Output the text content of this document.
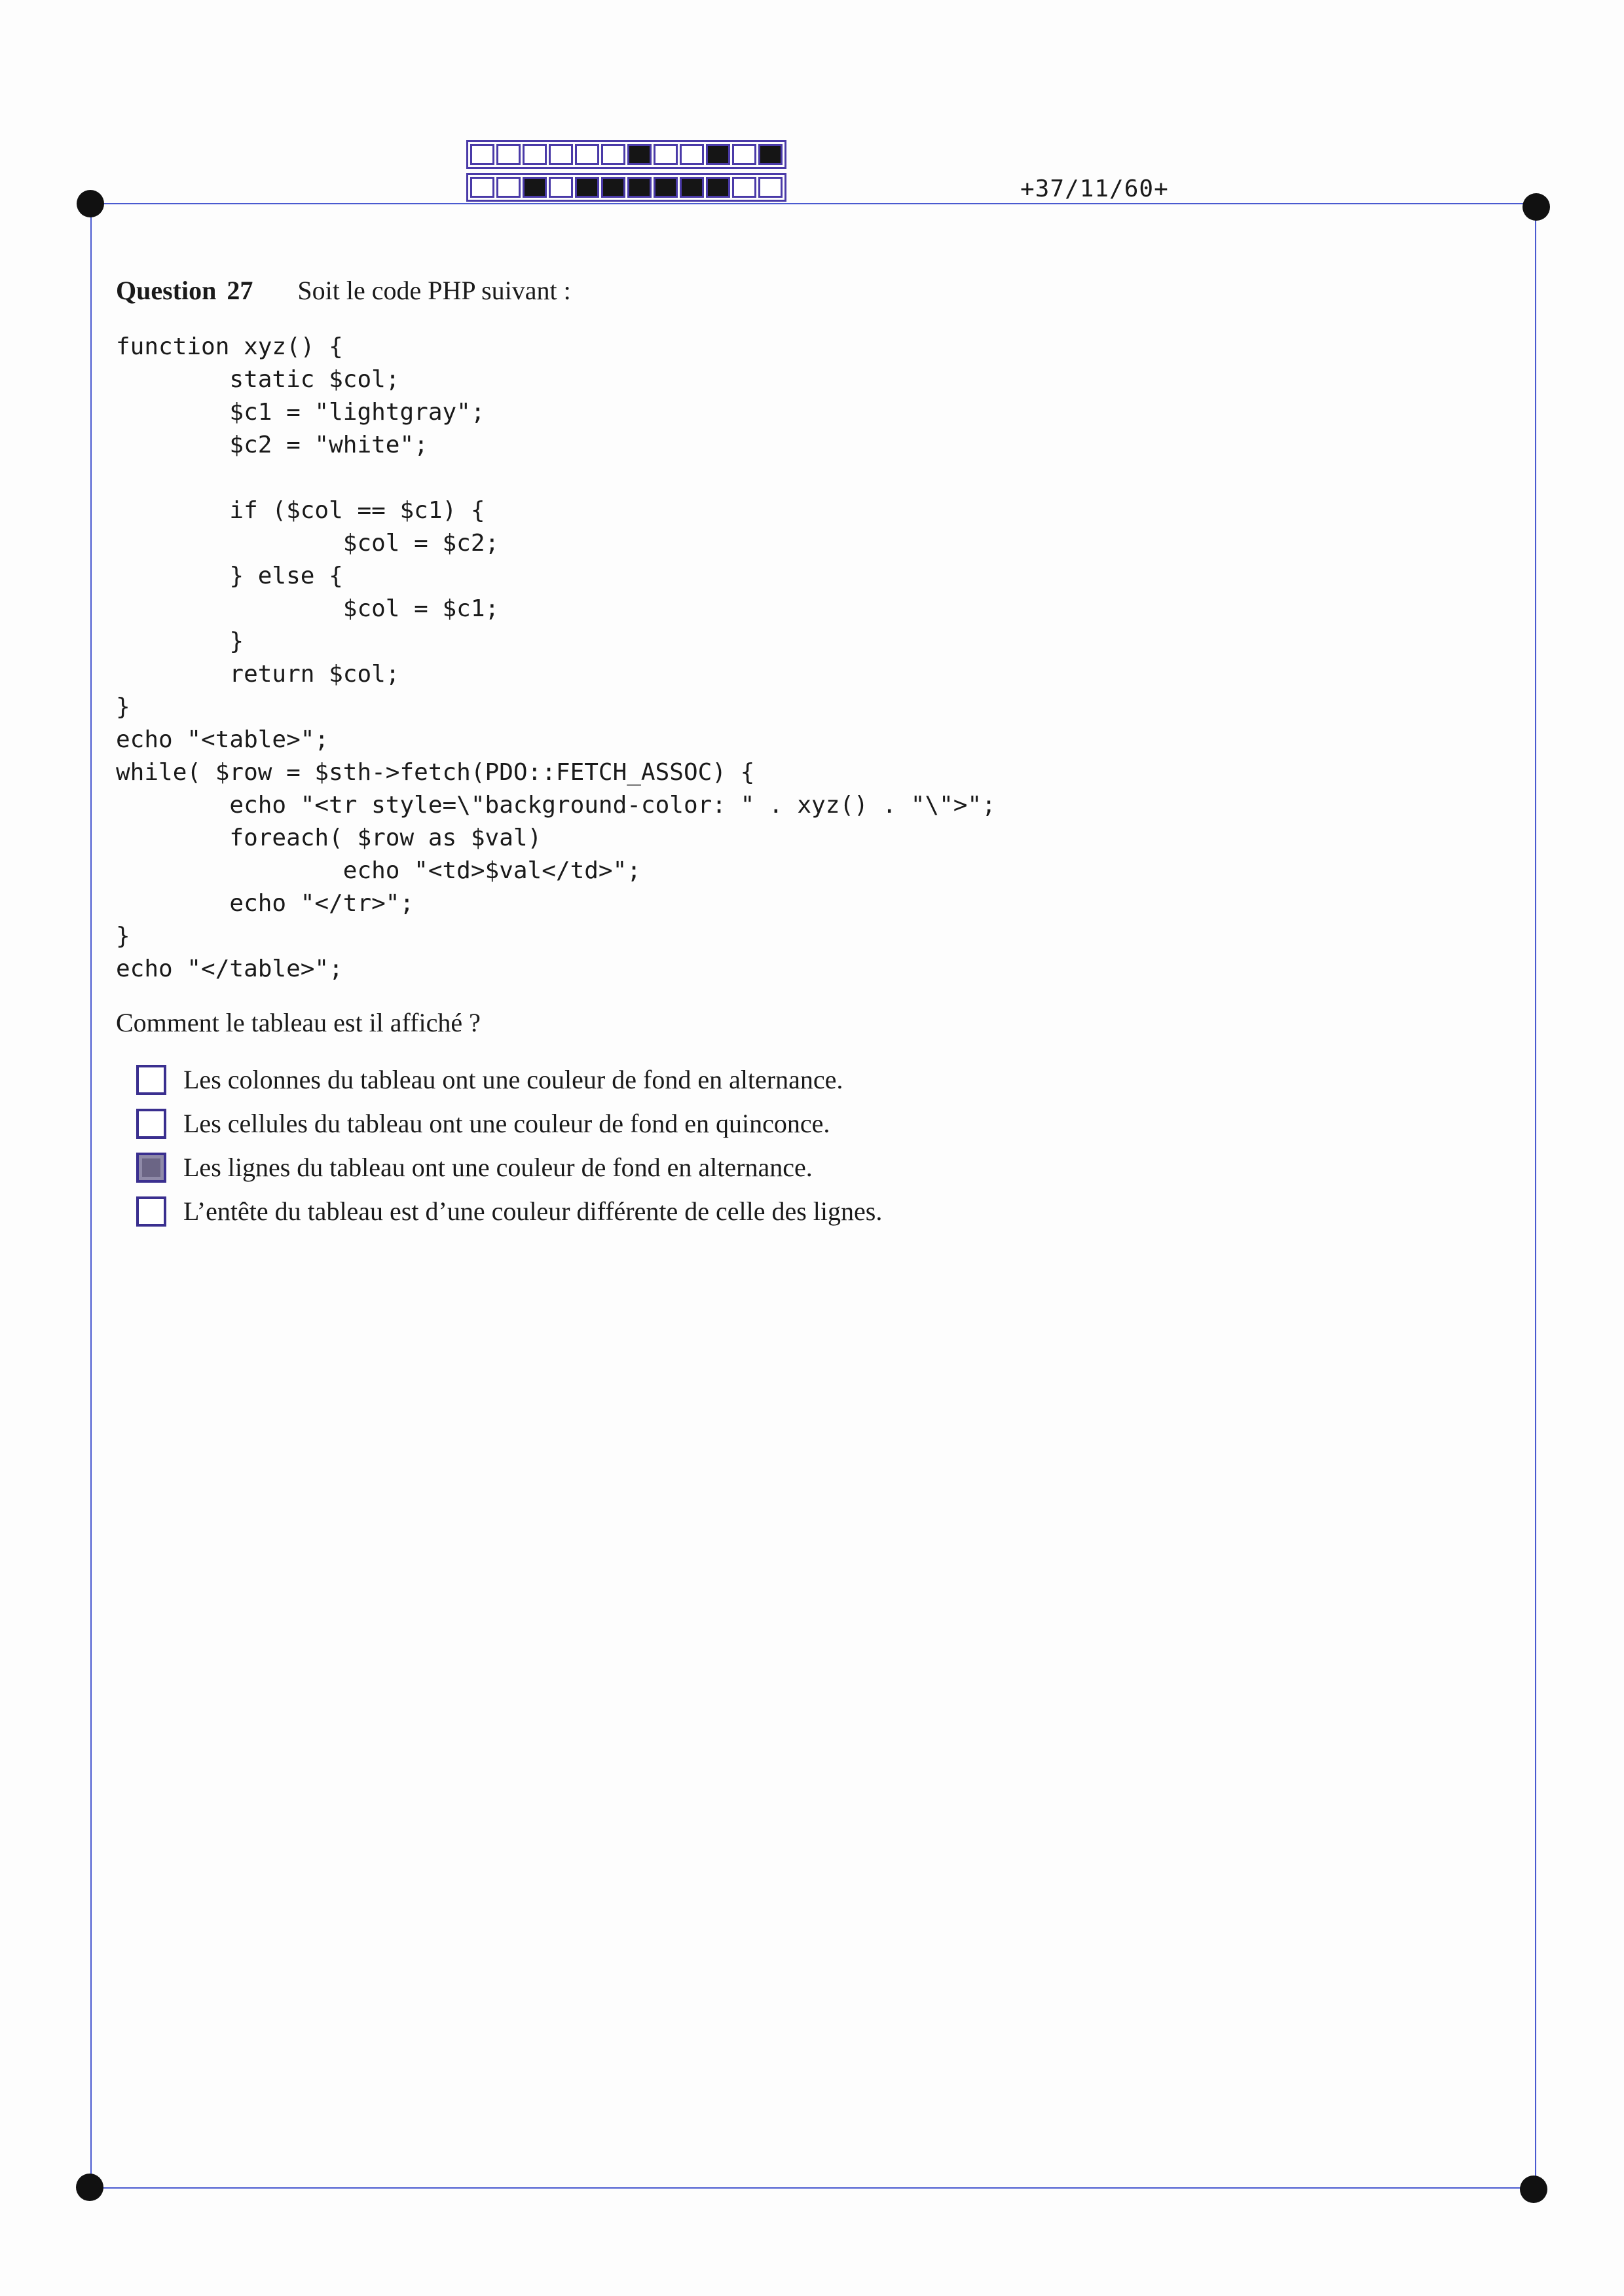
+37/11/60+
Question 27 Soit le code PHP suivant :
function xyz() {
static $col;
$c1 = "lightgray";
$c2 = "white";

if ($col == $c1) {
$col = $c2;
} else {
$col = $c1;
}
return $col;
}
echo "<table>";
while( $row = $sth->fetch(PDO::FETCH_ASSOC) {
echo "<tr style=\"background-color: " . xyz() . "\">";
foreach( $row as $val)
echo "<td>$val</td>";
echo "</tr>";
}
echo "</table>";
Comment le tableau est il affiché ?
Les colonnes du tableau ont une couleur de fond en alternance.
Les cellules du tableau ont une couleur de fond en quinconce.
Les lignes du tableau ont une couleur de fond en alternance.
L’entête du tableau est d’une couleur différente de celle des lignes.
